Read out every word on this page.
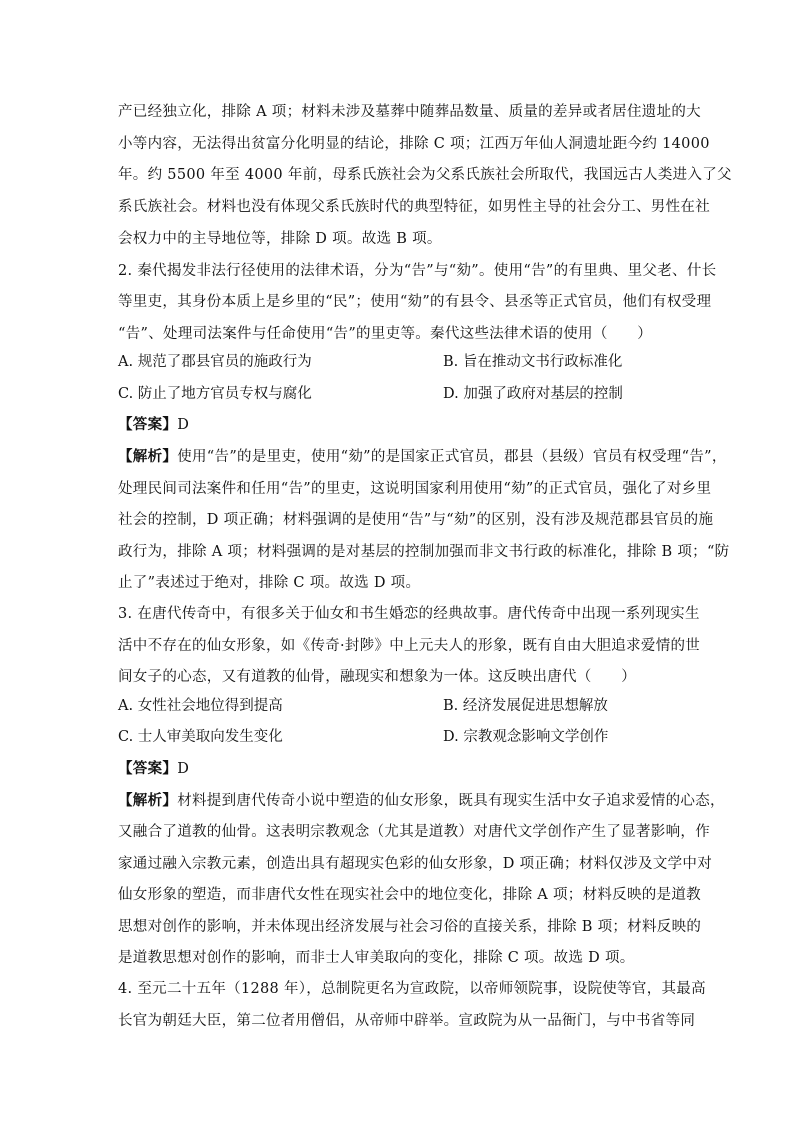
产已经独立化，排除 A 项；材料未涉及墓葬中随葬品数量、质量的差异或者居住遗址的大
小等内容，无法得出贫富分化明显的结论，排除 C 项；江西万年仙人洞遗址距今约 14000
年。约 5500 年至 4000 年前，母系氏族社会为父系氏族社会所取代，我国远古人类进入了父
系氏族社会。材料也没有体现父系氏族时代的典型特征，如男性主导的社会分工、男性在社
会权力中的主导地位等，排除 D 项。故选 B 项。
2. 秦代揭发非法行径使用的法律术语，分为“告”与“劾”。使用“告”的有里典、里父老、什长
等里吏，其身份本质上是乡里的“民”；使用“劾”的有县令、县丞等正式官员，他们有权受理
“告”、处理司法案件与任命使用“告”的里吏等。秦代这些法律术语的使用（　　）
A. 规范了郡县官员的施政行为	B. 旨在推动文书行政标准化
C. 防止了地方官员专权与腐化	D. 加强了政府对基层的控制
【答案】D
【解析】使用“告”的是里吏，使用“劾”的是国家正式官员，郡县（县级）官员有权受理“告”，
处理民间司法案件和任用“告”的里吏，这说明国家利用使用“劾”的正式官员，强化了对乡里
社会的控制，D 项正确；材料强调的是使用“告”与“劾”的区别，没有涉及规范郡县官员的施
政行为，排除 A 项；材料强调的是对基层的控制加强而非文书行政的标准化，排除 B 项；“防
止了”表述过于绝对，排除 C 项。故选 D 项。
3. 在唐代传奇中，有很多关于仙女和书生婚恋的经典故事。唐代传奇中出现一系列现实生
活中不存在的仙女形象，如《传奇·封陟》中上元夫人的形象，既有自由大胆追求爱情的世
间女子的心态，又有道教的仙骨，融现实和想象为一体。这反映出唐代（　　）
A. 女性社会地位得到提高	B. 经济发展促进思想解放
C. 士人审美取向发生变化	D. 宗教观念影响文学创作
【答案】D
【解析】材料提到唐代传奇小说中塑造的仙女形象，既具有现实生活中女子追求爱情的心态，
又融合了道教的仙骨。这表明宗教观念（尤其是道教）对唐代文学创作产生了显著影响，作
家通过融入宗教元素，创造出具有超现实色彩的仙女形象，D 项正确；材料仅涉及文学中对
仙女形象的塑造，而非唐代女性在现实社会中的地位变化，排除 A 项；材料反映的是道教
思想对创作的影响，并未体现出经济发展与社会习俗的直接关系，排除 B 项；材料反映的
是道教思想对创作的影响，而非士人审美取向的变化，排除 C 项。故选 D 项。
4. 至元二十五年（1288 年），总制院更名为宣政院，以帝师领院事，设院使等官，其最高
长官为朝廷大臣，第二位者用僧侣，从帝师中辟举。宣政院为从一品衙门，与中书省等同
